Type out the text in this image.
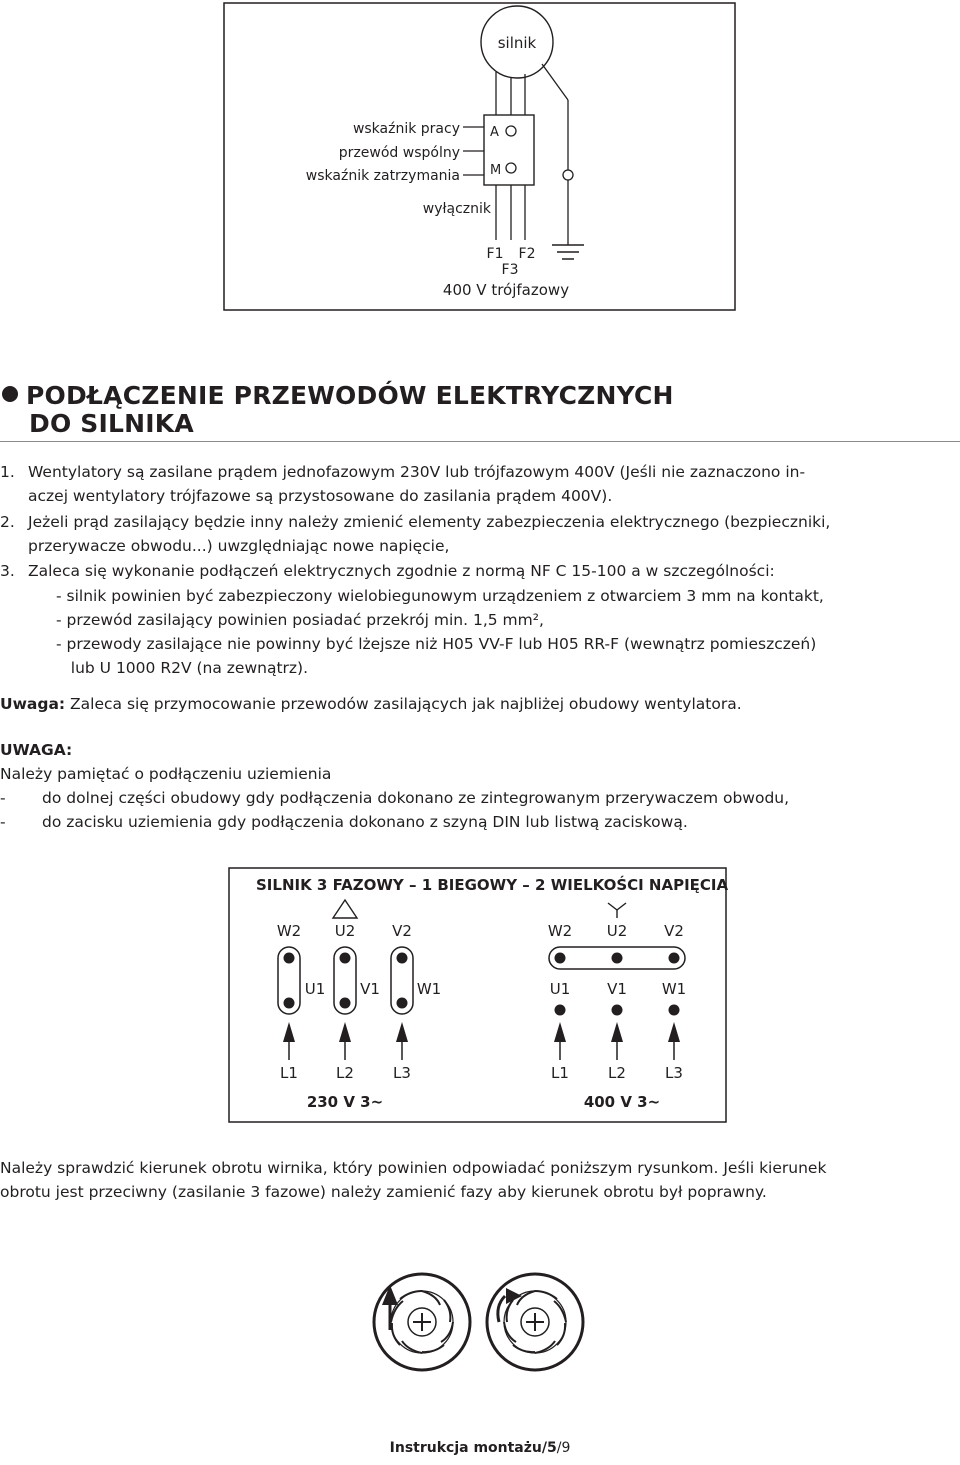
silnik
A
M
wskaźnik pracy
przewód wspólny
wskaźnik zatrzymania
wyłącznik
F1 F2
F3
400 V trójfazowy
PODŁĄCZENIE PRZEWODÓW ELEKTRYCZNYCH
DO SILNIKA
1. Wentylatory są zasilane prądem jednofazowym 230V lub trójfazowym 400V (Jeśli nie zaznaczono in-
aczej wentylatory trójfazowe są przystosowane do zasilania prądem 400V).
2. Jeżeli prąd zasilający będzie inny należy zmienić elementy zabezpieczenia elektrycznego (bezpieczniki,
przerywacze obwodu...) uwzględniając nowe napięcie,
3. Zaleca się wykonanie podłączeń elektrycznych zgodnie z normą NF C 15-100 a w szczególności:
- silnik powinien być zabezpieczony wielobiegunowym urządzeniem z otwarciem 3 mm na kontakt,
- przewód zasilający powinien posiadać przekrój min. 1,5 mm²,
- przewody zasilające nie powinny być lżejsze niż H05 VV-F lub H05 RR-F (wewnątrz pomieszczeń)
lub U 1000 R2V (na zewnątrz).
Uwaga: Zaleca się przymocowanie przewodów zasilających jak najbliżej obudowy wentylatora.
UWAGA:
Należy pamiętać o podłączeniu uziemienia
- do dolnej części obudowy gdy podłączenia dokonano ze zintegrowanym przerywaczem obwodu,
- do zacisku uziemienia gdy podłączenia dokonano z szyną DIN lub listwą zaciskową.
SILNIK 3 FAZOWY – 1 BIEGOWY – 2 WIELKOŚCI NAPIĘCIA
W2 U2 V2
U1 V1 W1
L1	L2	L3
230 V 3~
W2 U2 V2
U1 V1 W1
L1	L2	L3
400 V 3~
Należy sprawdzić kierunek obrotu wirnika, który powinien odpowiadać poniższym rysunkom. Jeśli kierunek
obrotu jest przeciwny (zasilanie 3 fazowe) należy zamienić fazy aby kierunek obrotu był poprawny.
Instrukcja montażu/5/9
